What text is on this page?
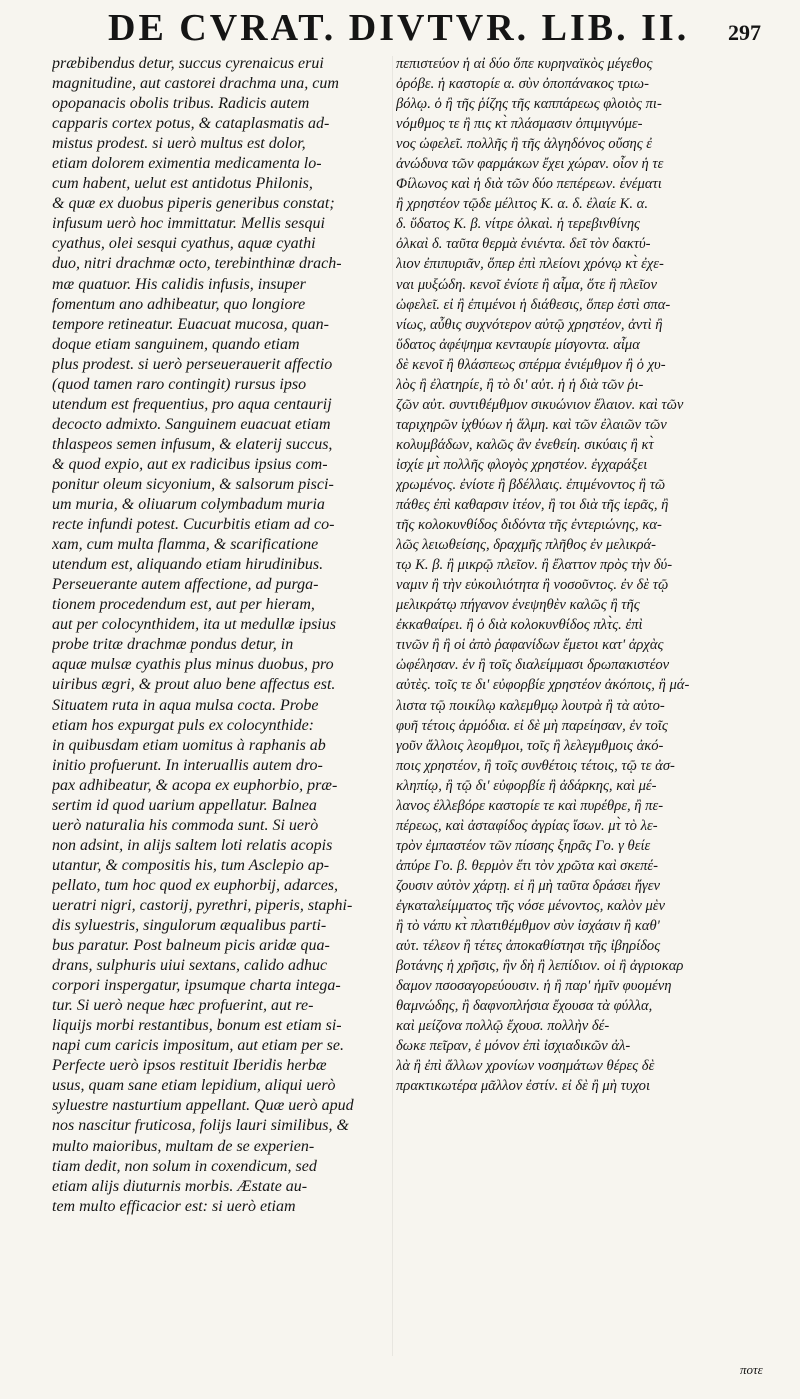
DE CVRAT. DIVTVR. LIB. II. 297
præbibendus detur, succus cyrenaicus erui
magnitudine, aut castorei drachma una, cum
opopanacis obolis tribus. Radicis autem
capparis cortex potus, & cataplasmatis ad-
mistus prodest. si uerò multus est dolor,
etiam dolorem eximentia medicamenta lo-
cum habent, uelut est antidotus Philonis,
& quæ ex duobus piperis generibus constat;
infusum uerò hoc immittatur. Mellis sesqui
cyathus, olei sesqui cyathus, aquæ cyathi
duo, nitri drachmæ octo, terebinthinæ drach-
mæ quatuor. His calidis infusis, insuper
fomentum ano adhibeatur, quo longiore
tempore retineatur. Euacuat mucosa, quan-
doque etiam sanguinem, quando etiam
plus prodest. si uerò perseuerauerit affectio
(quod tamen raro contingit) rursus ipso
utendum est frequentius, pro aqua centaurij
decocto admixto. Sanguinem euacuat etiam
thlaspeos semen infusum, & elaterij succus,
& quod expio, aut ex radicibus ipsius com-
ponitur oleum sicyonium, & salsorum pisci-
um muria, & oliuarum colymbadum muria
recte infundi potest. Cucurbitis etiam ad co-
xam, cum multa flamma, & scarificatione
utendum est, aliquando etiam hirudinibus.
Perseuerante autem affectione, ad purga-
tionem procedendum est, aut per hieram,
aut per colocynthidem, ita ut medullæ ipsius
probe tritæ drachmæ pondus detur, in
aquæ mulsæ cyathis plus minus duobus, pro
uiribus ægri, & prout aluo bene affectus est.
Situatem ruta in aqua mulsa cocta. Probe
etiam hos expurgat puls ex colocynthide:
in quibusdam etiam uomitus à raphanis ab
initio profuerunt. In interuallis autem dro-
pax adhibeatur, & acopa ex euphorbio, præ-
sertim id quod uarium appellatur. Balnea
uerò naturalia his commoda sunt. Si uerò
non adsint, in alijs saltem loti relatis acopis
utantur, & compositis his, tum Asclepio ap-
pellato, tum hoc quod ex euphorbij, adarces,
ueratri nigri, castorij, pyrethri, piperis, staphi-
dis syluestris, singulorum æqualibus parti-
bus paratur. Post balneum picis aridæ qua-
drans, sulphuris uiui sextans, calido adhuc
corpori inspergatur, ipsumque charta intega-
tur. Si uerò neque hæc profuerint, aut re-
liquijs morbi restantibus, bonum est etiam si-
napi cum caricis impositum, aut etiam per se.
Perfecte uerò ipsos restituit Iberidis herbæ
usus, quam sane etiam lepidium, aliqui uerò
syluestre nasturtium appellant. Quæ uerò apud
nos nascitur fruticosa, folijs lauri similibus, &
multo maioribus, multam de se experien-
tiam dedit, non solum in coxendicum, sed
etiam alijs diuturnis morbis. Æstate au-
tem multo efficacior est: si uerò etiam
πεπιστεύον ἡ αἰ δύο ὅπε κυρηναϊκὸς μέγεθος
ὀρόβε. ἡ καστορίε α. σὺν ὀποπάνακος τριω-
βόλῳ. ὁ ἢ τῆς ῥίζης τῆς καππάρεως φλοιὸς πι-
νόμθμος τε ἢ πις κτ̀ πλάσμασιν ὀπιμιγνύμε-
νος ὠφελεῖ. πολλῆς ἢ τῆς ἀλγηδόνος οὔσης ἐ
ἀνώδυνα τῶν φαρμάκων ἔχει χώραν. οἷον ἡ τε
Φίλωνος καὶ ἡ διὰ τῶν δύο πεπέρεων. ἐνέματι
ἢ χρηστέον τῷδε μέλιτος Κ. α. δ. ἐλαίε Κ. α.
δ. ὕδατος Κ. β. νίτρε ὀλκαὶ. ἡ τερεβινθίνης
ὀλκαὶ δ. ταῦτα θερμὰ ἐνιέντα. δεῖ τὸν δακτύ-
λιον ἐπιπυριᾶν, ὅπερ ἐπὶ πλείονι χρόνῳ κτ̀ ἐχε-
ναι μυξώδη. κενοῖ ἐνίοτε ἢ αἷμα, ὅτε ἢ πλεῖον
ὠφελεῖ. εἰ ἢ ἐπιμένοι ἡ διάθεσις, ὅπερ ἐστὶ σπα-
νίως, αὖθις συχνότερον αὐτῷ χρηστέον, ἀντὶ ἢ
ὕδατος ἀφέψημα κενταυρίε μίσγοντα. αἷμα
δὲ κενοῖ ἢ θλάσπεως σπέρμα ἐνιέμθμον ἢ ὁ χυ-
λὸς ἢ ἐλατηρίε, ἢ τὸ δι' αὐτ. ἡ ἡ διὰ τῶν ῥι-
ζῶν αὐτ. συντιθέμθμον σικυώνιον ἔλαιον. καὶ τῶν
ταριχηρῶν ἰχθύων ἡ ἅλμη. καὶ τῶν ἐλαιῶν τῶν
κολυμβάδων, καλῶς ἂν ἐνεθείη. σικύαις ἢ κτ̀
ἰσχίε μτ̀ πολλῆς φλογὸς χρηστέον. ἐγχαράξει
χρωμένος. ἐνίοτε ἢ βδέλλαις. ἐπιμένοντος ἢ τῶ
πάθες ἐπὶ καθαρσιν ἰτέον, ἢ τοι διὰ τῆς ἱερᾶς, ἢ
τῆς κολοκυνθίδος διδόντα τῆς ἐντεριώνης, κα-
λῶς λειωθείσης, δραχμῆς πλῆθος ἐν μελικρά-
τῳ Κ. β. ἢ μικρῷ πλεῖον. ἢ ἔλαττον πρὸς τὴν δύ-
ναμιν ἢ τὴν εὐκοιλιότητα ἢ νοσοῦντος. ἐν δὲ τῷ
μελικράτῳ πήγανον ἐνεψηθὲν καλῶς ἢ τῆς
ἐκκαθαίρει. ἢ ὁ διὰ κολοκυνθίδος πλτ̀ς. ἐπὶ
τινῶν ἢ ἢ οἱ ἀπὸ ῥαφανίδων ἔμετοι κατ' ἀρχὰς
ὠφέλησαν. ἐν ἢ τοῖς διαλείμμασι δρωπακιστέον
αὐτὲς. τοῖς τε δι' εὐφορβίε χρηστέον ἀκόποις, ἢ μά-
λιστα τῷ ποικίλῳ καλεμθμῳ λουτρὰ ἢ τὰ αὐτο-
φυῆ τέτοις ἁρμόδια. εἰ δὲ μὴ παρείησαν, ἐν τοῖς
γοῦν ἄλλοις λεομθμοι, τοῖς ἢ λελεγμθμοις ἀκό-
ποις χρηστέον, ἢ τοῖς συνθέτοις τέτοις, τῷ τε ἀσ-
κληπίῳ, ἢ τῷ δι' εὐφορβίε ἢ ἀδάρκης, καὶ μέ-
λανος ἐλλεβόρε καστορίε τε καὶ πυρέθρε, ἢ πε-
πέρεως, καὶ ἀσταφίδος ἀγρίας ἴσων. μτ̀ τὸ λε-
τρὸν ἐμπαστέον τῶν πίσσης ξηρᾶς Γο. γ θείε
ἀπύρε Γο. β. θερμὸν ἔτι τὸν χρῶτα καὶ σκεπέ-
ζουσιν αὐτὸν χάρτῃ. εἰ ἢ μὴ ταῦτα δράσει ἤγεν
ἐγκαταλείμματος τῆς νόσε μένοντος, καλὸν μὲν
ἢ τὸ νάπυ κτ̀ πλατιθέμθμον σὺν ἰσχάσιν ἢ καθ'
αὑτ. τέλεον ἢ τέτες ἀποκαθίστησι τῆς ἰβηρίδος
βοτάνης ἡ χρῆσις, ἣν δὴ ἢ λεπίδιον. οἱ ἢ ἀγριοκαρ
δαμον πσοσαγορεύουσιν. ἡ ἢ παρ' ἡμῖν φυομένη
θαμνώδης, ἢ δαφνοπλήσια ἔχουσα τὰ φύλλα,
καὶ μείζονα πολλῷ ἔχουσ. πολλὴν δέ-
δωκε πεῖραν, ἐ μόνον ἐπὶ ἰσχιαδικῶν ἀλ-
λὰ ἢ ἐπὶ ἄλλων χρονίων νοσημάτων θέρες δὲ
πρακτικωτέρα μᾶλλον ἐστίν. εἰ δὲ ἢ μὴ τυχοι
ποτε
